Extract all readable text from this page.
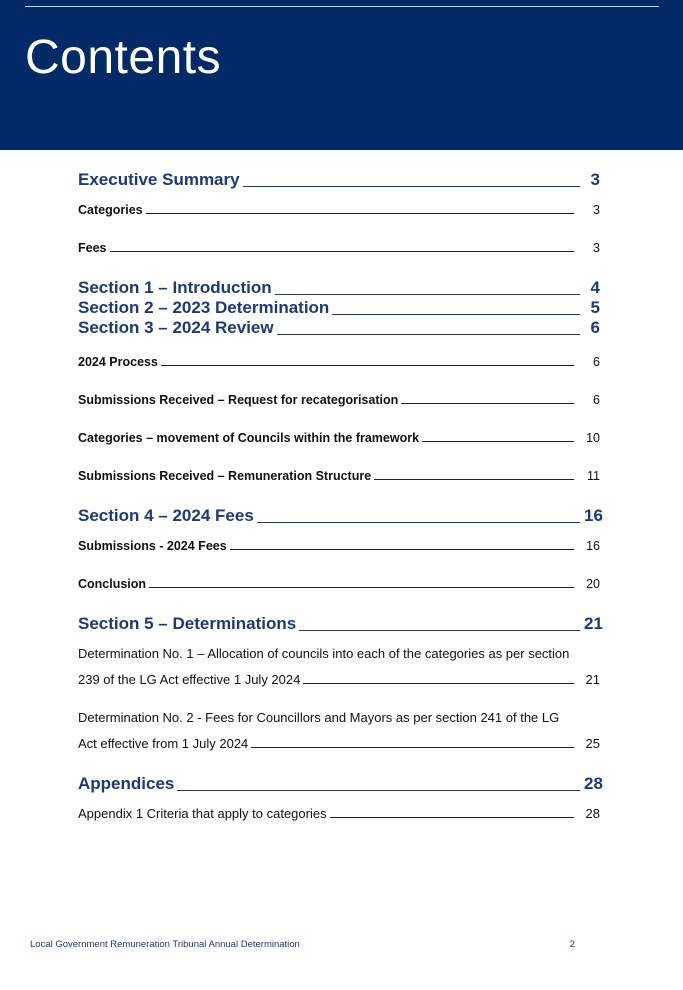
Contents
Executive Summary	3
Categories	3
Fees	3
Section 1 – Introduction	4
Section 2 – 2023 Determination	5
Section 3 – 2024 Review	6
2024 Process	6
Submissions Received – Request for recategorisation	6
Categories – movement of Councils within the framework	10
Submissions Received – Remuneration Structure	11
Section 4 – 2024 Fees	16
Submissions - 2024 Fees	16
Conclusion	20
Section 5 – Determinations	21
Determination No. 1 – Allocation of councils into each of the categories as per section
239 of the LG Act effective 1 July 2024	21
Determination No. 2 - Fees for Councillors and Mayors as per section 241 of the LG
Act effective from 1 July 2024	25
Appendices	28
Appendix 1 Criteria that apply to categories	28
Local Government Remuneration Tribunal Annual Determination	2
